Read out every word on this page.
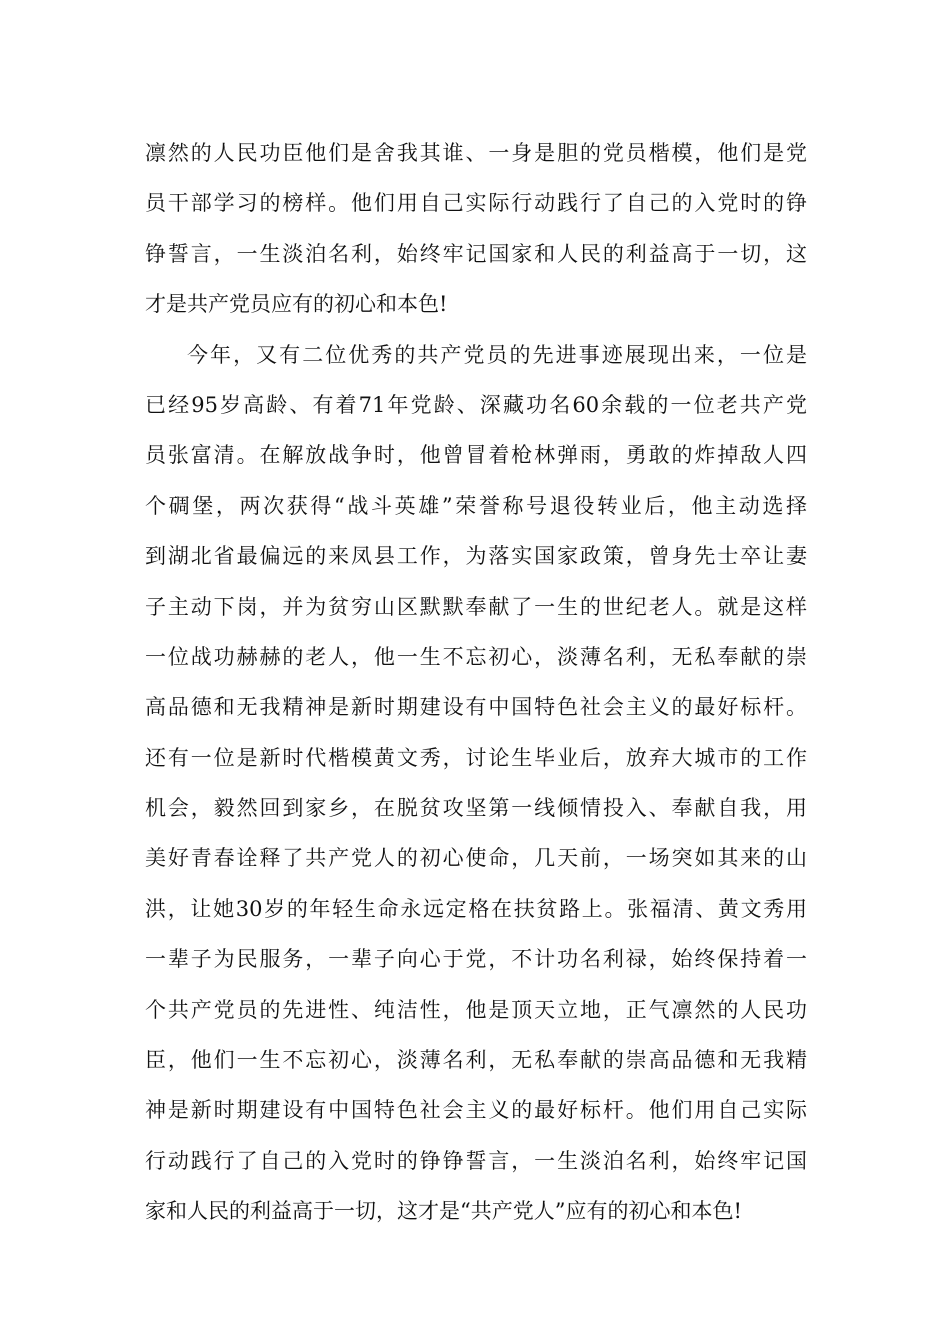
凛然的人民功臣他们是舍我其谁、一身是胆的党员楷模，他们是党
员干部学习的榜样。他们用自己实际行动践行了自己的入党时的铮
铮誓言，一生淡泊名利，始终牢记国家和人民的利益高于一切，这
才是共产党员应有的初心和本色!
今年，又有二位优秀的共产党员的先进事迹展现出来，一位是
已经95岁高龄、有着71年党龄、深藏功名60余载的一位老共产党
员张富清。在解放战争时，他曾冒着枪林弹雨，勇敢的炸掉敌人四
个碉堡，两次获得“战斗英雄”荣誉称号退役转业后，他主动选择
到湖北省最偏远的来凤县工作，为落实国家政策，曾身先士卒让妻
子主动下岗，并为贫穷山区默默奉献了一生的世纪老人。就是这样
一位战功赫赫的老人，他一生不忘初心，淡薄名利，无私奉献的崇
高品德和无我精神是新时期建设有中国特色社会主义的最好标杆。
还有一位是新时代楷模黄文秀，讨论生毕业后，放弃大城市的工作
机会，毅然回到家乡，在脱贫攻坚第一线倾情投入、奉献自我，用
美好青春诠释了共产党人的初心使命，几天前，一场突如其来的山
洪，让她30岁的年轻生命永远定格在扶贫路上。张福清、黄文秀用
一辈子为民服务，一辈子向心于党，不计功名利禄，始终保持着一
个共产党员的先进性、纯洁性，他是顶天立地，正气凛然的人民功
臣，他们一生不忘初心，淡薄名利，无私奉献的崇高品德和无我精
神是新时期建设有中国特色社会主义的最好标杆。他们用自己实际
行动践行了自己的入党时的铮铮誓言，一生淡泊名利，始终牢记国
家和人民的利益高于一切，这才是“共产党人”应有的初心和本色!
